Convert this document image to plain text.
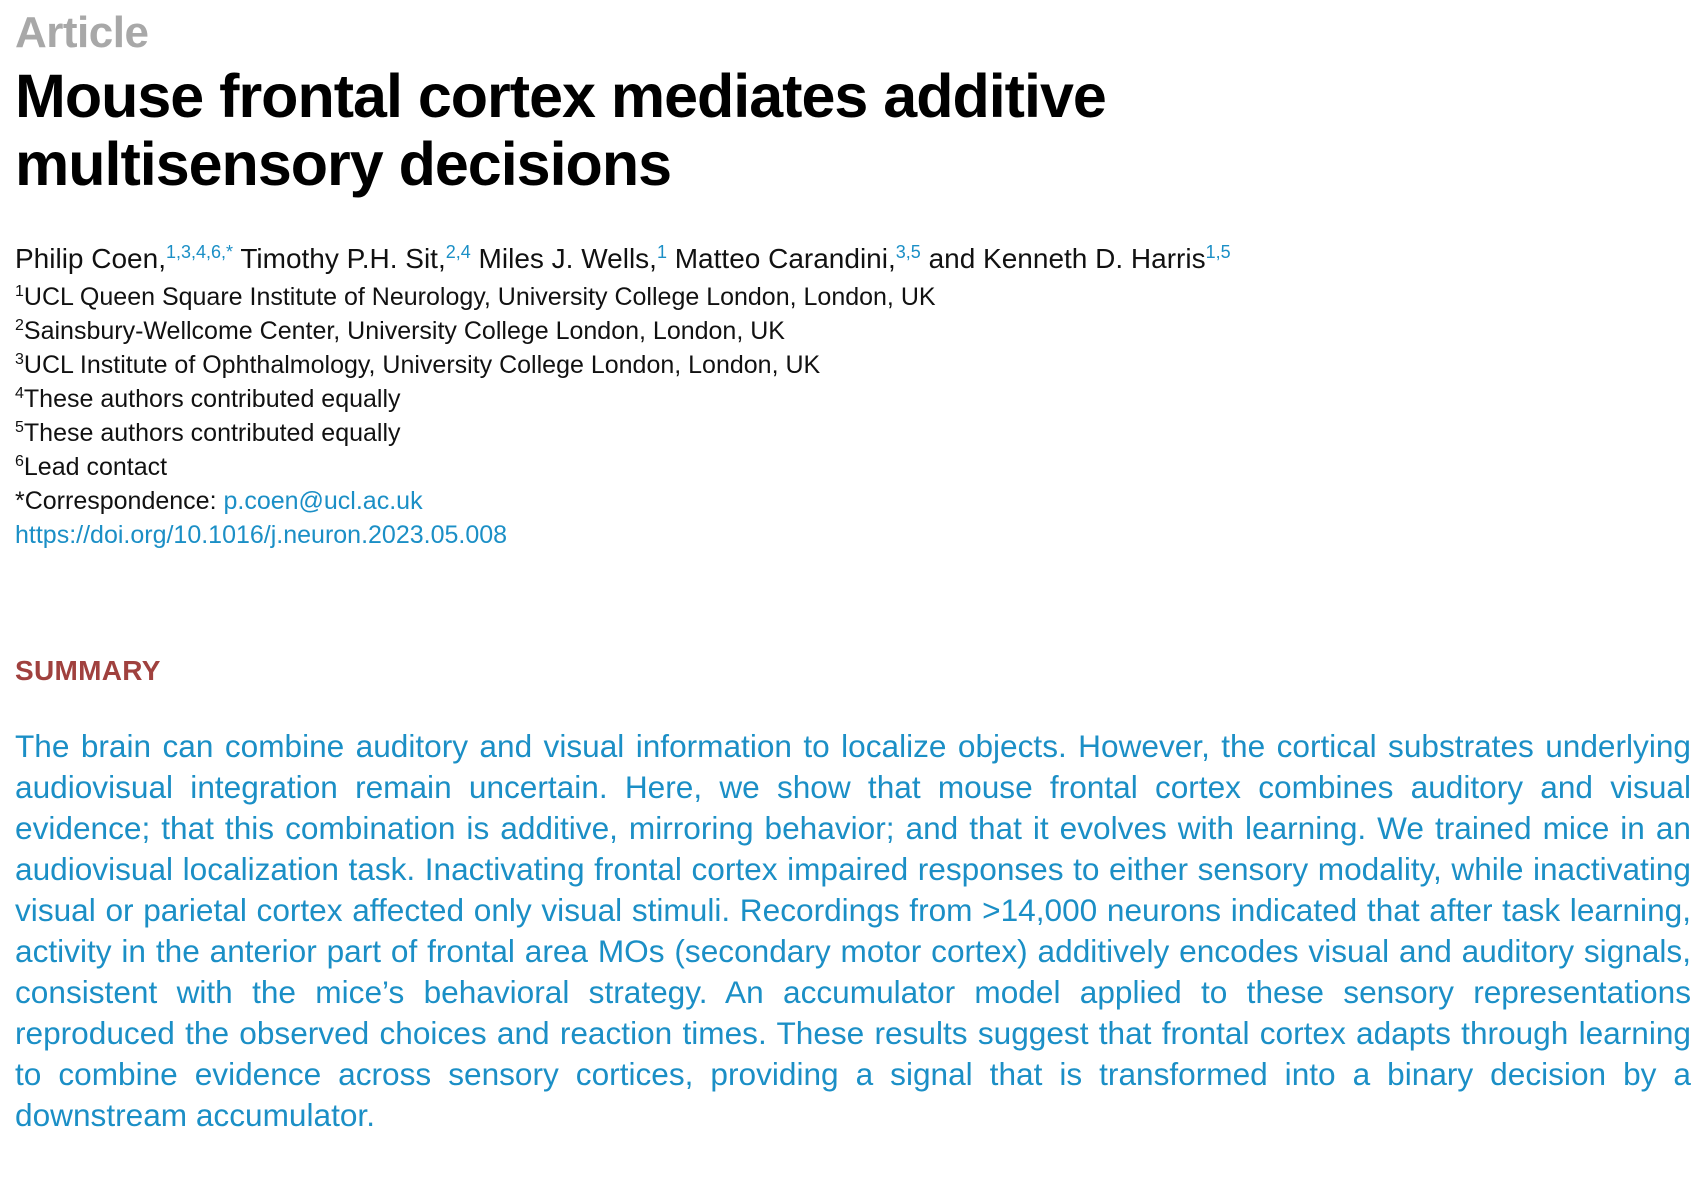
Article
Mouse frontal cortex mediates additive
multisensory decisions
Philip Coen,$^{1,3,4,6,*}$ Timothy P.H. Sit,$^{2,4}$ Miles J. Wells,$^1$ Matteo Carandini,$^{3,5}$ and Kenneth D. Harris$^{1,5}$
$^1$UCL Queen Square Institute of Neurology, University College London, London, UK
$^2$Sainsbury-Wellcome Center, University College London, London, UK
$^3$UCL Institute of Ophthalmology, University College London, London, UK
$^4$These authors contributed equally
$^5$These authors contributed equally
$^6$Lead contact
*Correspondence: p.coen@ucl.ac.uk
https://doi.org/10.1016/j.neuron.2023.05.008
SUMMARY

The brain can combine auditory and visual information to localize objects. However, the cortical substrates underlying audiovisual integration remain uncertain. Here, we show that mouse frontal cortex combines auditory and visual evidence; that this combination is additive, mirroring behavior; and that it evolves with learning. We trained mice in an audiovisual localization task. Inactivating frontal cortex impaired responses to either sensory modality, while inactivating visual or parietal cortex affected only visual stimuli. Recordings from >14,000 neurons indicated that after task learning, activity in the anterior part of frontal area MOs (secondary motor cortex) additively encodes visual and auditory signals, consistent with the mice’s behavioral strategy. An accumulator model applied to these sensory representations reproduced the observed choices and reaction times. These results suggest that frontal cortex adapts through learning to combine evidence across sensory cortices, providing a signal that is transformed into a binary decision by a downstream accumulator.
